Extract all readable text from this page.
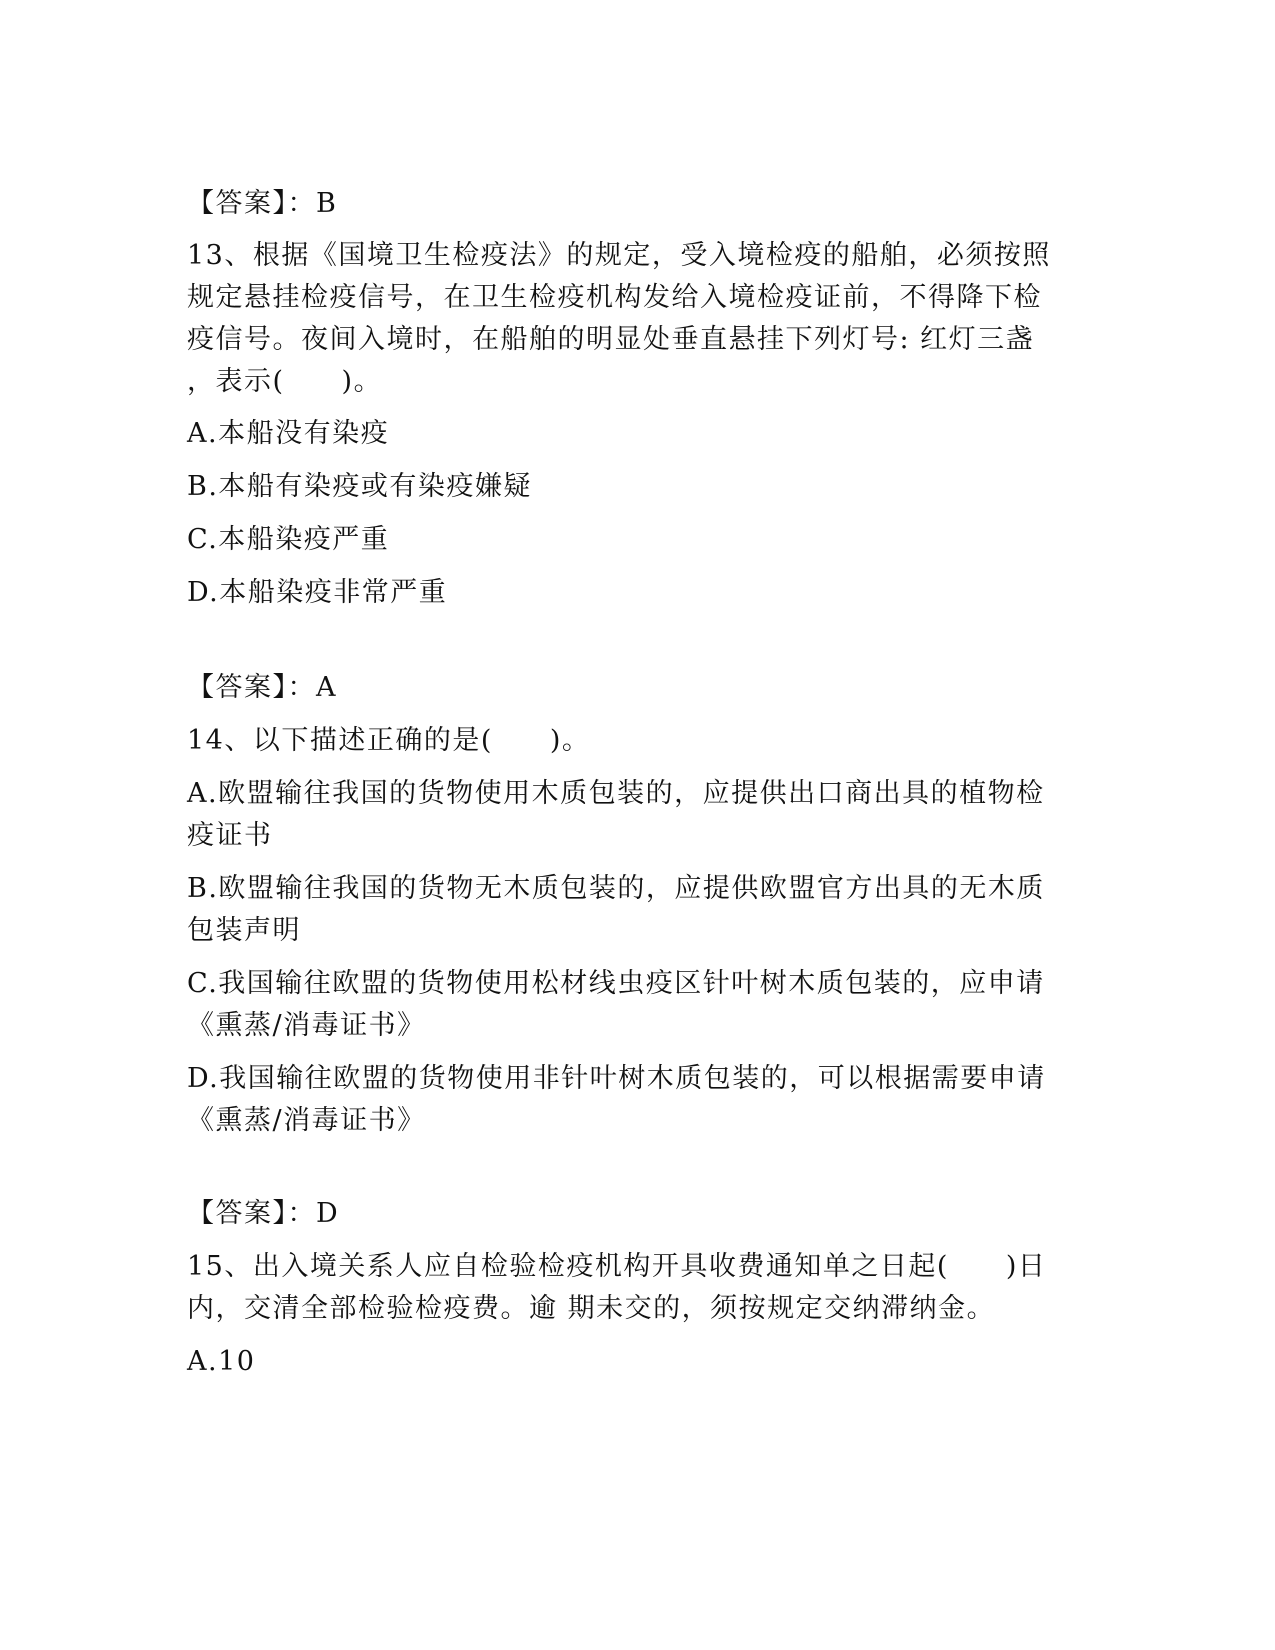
【答案】：B
13、根据《国境卫生检疫法》的规定，受入境检疫的船舶，必须按照
规定悬挂检疫信号，在卫生检疫机构发给入境检疫证前，不得降下检
疫信号。夜间入境时，在船舶的明显处垂直悬挂下列灯号: 红灯三盏
，表示(　　)。
A.本船没有染疫
B.本船有染疫或有染疫嫌疑
C.本船染疫严重
D.本船染疫非常严重
【答案】：A
14、以下描述正确的是(　　)。
A.欧盟输往我国的货物使用木质包装的，应提供出口商出具的植物检
疫证书
B.欧盟输往我国的货物无木质包装的，应提供欧盟官方出具的无木质
包装声明
C.我国输往欧盟的货物使用松材线虫疫区针叶树木质包装的，应申请
《熏蒸/消毒证书》
D.我国输往欧盟的货物使用非针叶树木质包装的，可以根据需要申请
《熏蒸/消毒证书》
【答案】：D
15、出入境关系人应自检验检疫机构开具收费通知单之日起(　　)日
内，交清全部检验检疫费。逾 期未交的，须按规定交纳滞纳金。
A.10
